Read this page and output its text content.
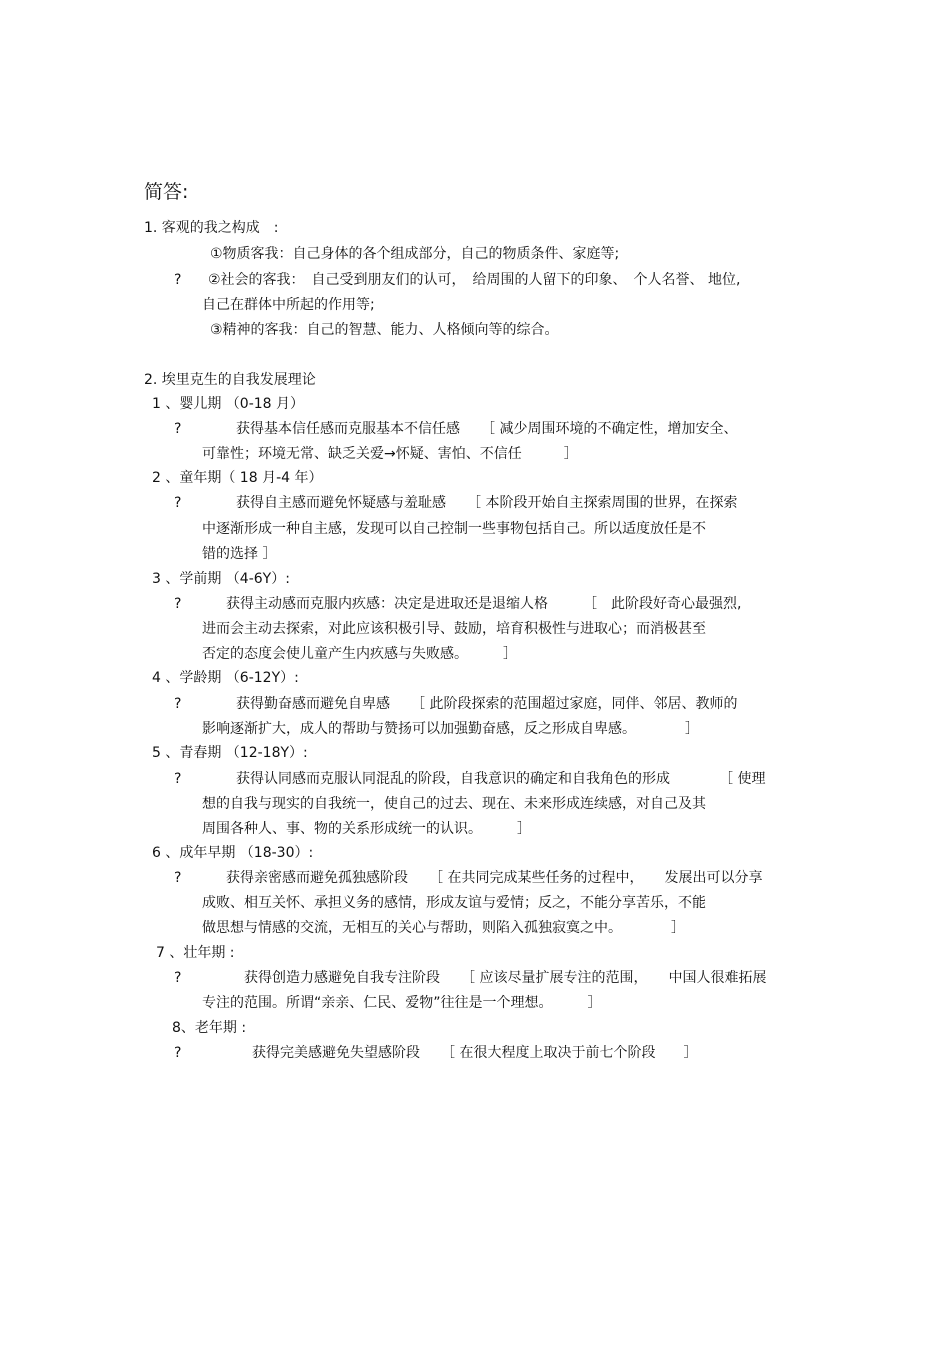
简答:
1. 客观的我之构成　:
①物质客我：自己身体的各个组成部分，自己的物质条件、家庭等;
? ②社会的客我：　自己受到朋友们的认可，　给周围的人留下的印象、　个人名誉、 地位,
自己在群体中所起的作用等;
③精神的客我：自己的智慧、能力、人格倾向等的综合。
2. 埃里克生的自我发展理论
1 、婴儿期 （0-18 月）
?	获得基本信任感而克服基本不信任感　　［ 减少周围环境的不确定性，增加安全、
可靠性；环境无常、缺乏关爱→怀疑、害怕、不信任　　　］
2 、童年期（ 18 月-4 年）
?	获得自主感而避免怀疑感与羞耻感　　［ 本阶段开始自主探索周围的世界，在探索
中逐渐形成一种自主感，发现可以自己控制一些事物包括自己。所以适度放任是不
错的选择 ］
3 、学前期 （4-6Y）:
?	获得主动感而克服内疚感：决定是进取还是退缩人格　　　［　此阶段好奇心最强烈,
进而会主动去探索，对此应该积极引导、鼓励，培育积极性与进取心；而消极甚至
否定的态度会使儿童产生内疚感与失败感。　　　］
4 、学龄期 （6-12Y）:
?	获得勤奋感而避免自卑感　　［ 此阶段探索的范围超过家庭，同伴、邻居、教师的
影响逐渐扩大，成人的帮助与赞扬可以加强勤奋感，反之形成自卑感。　　　　］
5 、青春期 （12-18Y）:
?	获得认同感而克服认同混乱的阶段，自我意识的确定和自我角色的形成　　　　［ 使理
想的自我与现实的自我统一，使自己的过去、现在、未来形成连续感，对自己及其
周围各种人、事、物的关系形成统一的认识。　　　］
6 、成年早期 （18-30）:
?	获得亲密感而避免孤独感阶段　　［ 在共同完成某些任务的过程中，　　发展出可以分享
成败、相互关怀、承担义务的感情，形成友谊与爱情；反之，不能分享苦乐，不能
做思想与情感的交流，无相互的关心与帮助，则陷入孤独寂寞之中。　　　　］
7 、壮年期 :
?	获得创造力感避免自我专注阶段　　［ 应该尽量扩展专注的范围，　　中国人很难拓展
专注的范围。所谓“亲亲、仁民、爱物”往往是一个理想。　　　］
8、老年期 :
?	获得完美感避免失望感阶段　　［ 在很大程度上取决于前七个阶段　　］
